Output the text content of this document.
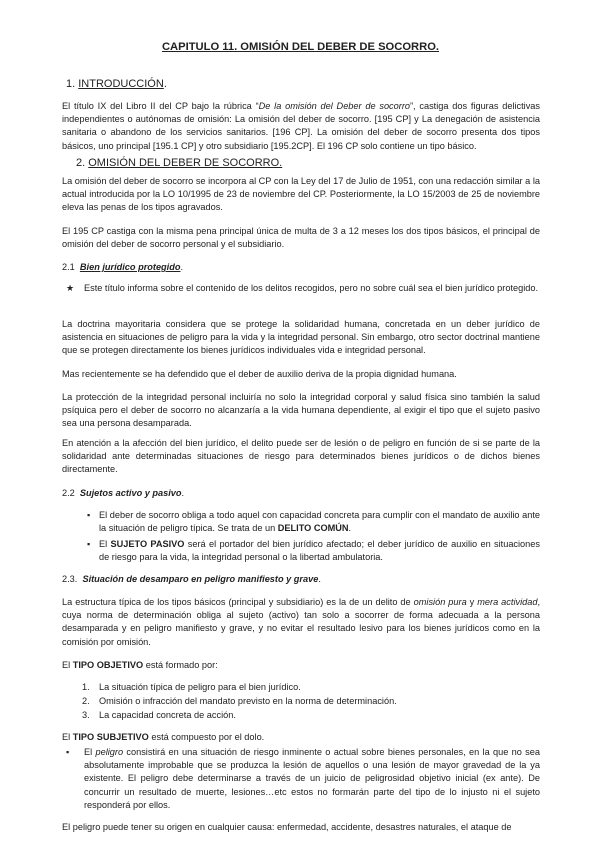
CAPITULO 11. OMISIÓN DEL DEBER DE SOCORRO.
1. INTRODUCCIÓN.
El título IX del Libro II del CP bajo la rúbrica “De la omisión del Deber de socorro”, castiga dos figuras delictivas independientes o autónomas de omisión: La omisión del deber de socorro. [195 CP] y La denegación de asistencia sanitaria o abandono de los servicios sanitarios. [196 CP]. La omisión del deber de socorro presenta dos tipos básicos, uno principal [195.1 CP] y otro subsidiario [195.2CP]. El 196 CP solo contiene un tipo básico.
2. OMISIÓN DEL DEBER DE SOCORRO.
La omisión del deber de socorro se incorpora al CP con la Ley del 17 de Julio de 1951, con una redacción similar a la actual introducida por la LO 10/1995 de 23 de noviembre del CP. Posteriormente, la LO 15/2003 de 25 de noviembre eleva las penas de los tipos agravados.
El 195 CP castiga con la misma pena principal única de multa de 3 a 12 meses los dos tipos básicos, el principal de omisión del deber de socorro personal y el subsidiario.
2.1 Bien jurídico protegido.
★ Este título informa sobre el contenido de los delitos recogidos, pero no sobre cuál sea el bien jurídico protegido.
La doctrina mayoritaria considera que se protege la solidaridad humana, concretada en un deber jurídico de asistencia en situaciones de peligro para la vida y la integridad personal. Sin embargo, otro sector doctrinal mantiene que se protegen directamente los bienes jurídicos individuales vida e integridad personal.
Mas recientemente se ha defendido que el deber de auxilio deriva de la propia dignidad humana.
La protección de la integridad personal incluiría no solo la integridad corporal y salud física sino también la salud psíquica pero el deber de socorro no alcanzaría a la vida humana dependiente, al exigir el tipo que el sujeto pasivo sea una persona desamparada.
En atención a la afección del bien jurídico, el delito puede ser de lesión o de peligro en función de si se parte de la solidaridad ante determinadas situaciones de riesgo para determinados bienes jurídicos o de dichos bienes directamente.
2.2 Sujetos activo y pasivo.
▪ El deber de socorro obliga a todo aquel con capacidad concreta para cumplir con el mandato de auxilio ante la situación de peligro típica. Se trata de un DELITO COMÚN.
▪ El SUJETO PASIVO será el portador del bien jurídico afectado; el deber jurídico de auxilio en situaciones de riesgo para la vida, la integridad personal o la libertad ambulatoria.
2.3. Situación de desamparo en peligro manifiesto y grave.
La estructura típica de los tipos básicos (principal y subsidiario) es la de un delito de omisión pura y mera actividad, cuya norma de determinación obliga al sujeto (activo) tan solo a socorrer de forma adecuada a la persona desamparada y en peligro manifiesto y grave, y no evitar el resultado lesivo para los bienes jurídicos como en la comisión por omisión.
El TIPO OBJETIVO está formado por:
1. La situación típica de peligro para el bien jurídico.
2. Omisión o infracción del mandato previsto en la norma de determinación.
3. La capacidad concreta de acción.
El TIPO SUBJETIVO está compuesto por el dolo.
▪ El peligro consistirá en una situación de riesgo inminente o actual sobre bienes personales, en la que no sea absolutamente improbable que se produzca la lesión de aquellos o una lesión de mayor gravedad de la ya existente. El peligro debe determinarse a través de un juicio de peligrosidad objetivo inicial (ex ante). De concurrir un resultado de muerte, lesiones…etc estos no formarán parte del tipo de lo injusto ni el sujeto responderá por ellos.
El peligro puede tener su origen en cualquier causa: enfermedad, accidente, desastres naturales, el ataque de
